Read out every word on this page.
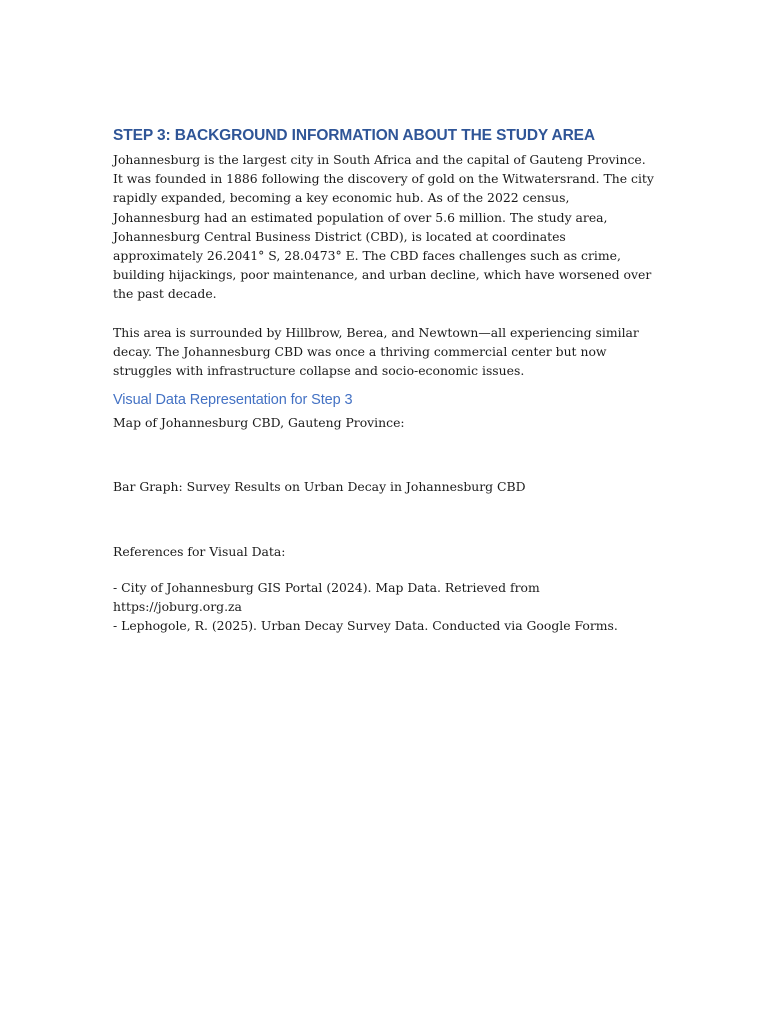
STEP 3: BACKGROUND INFORMATION ABOUT THE STUDY AREA

Johannesburg is the largest city in South Africa and the capital of Gauteng Province. It was founded in 1886 following the discovery of gold on the Witwatersrand. The city rapidly expanded, becoming a key economic hub. As of the 2022 census, Johannesburg had an estimated population of over 5.6 million. The study area, Johannesburg Central Business District (CBD), is located at coordinates approximately 26.2041° S, 28.0473° E. The CBD faces challenges such as crime, building hijackings, poor maintenance, and urban decline, which have worsened over the past decade.

This area is surrounded by Hillbrow, Berea, and Newtown—all experiencing similar decay. The Johannesburg CBD was once a thriving commercial center but now struggles with infrastructure collapse and socio-economic issues.

Visual Data Representation for Step 3

Map of Johannesburg CBD, Gauteng Province:

Bar Graph: Survey Results on Urban Decay in Johannesburg CBD

References for Visual Data:

- City of Johannesburg GIS Portal (2024). Map Data. Retrieved from https://joburg.org.za

- Lephogole, R. (2025). Urban Decay Survey Data. Conducted via Google Forms.
